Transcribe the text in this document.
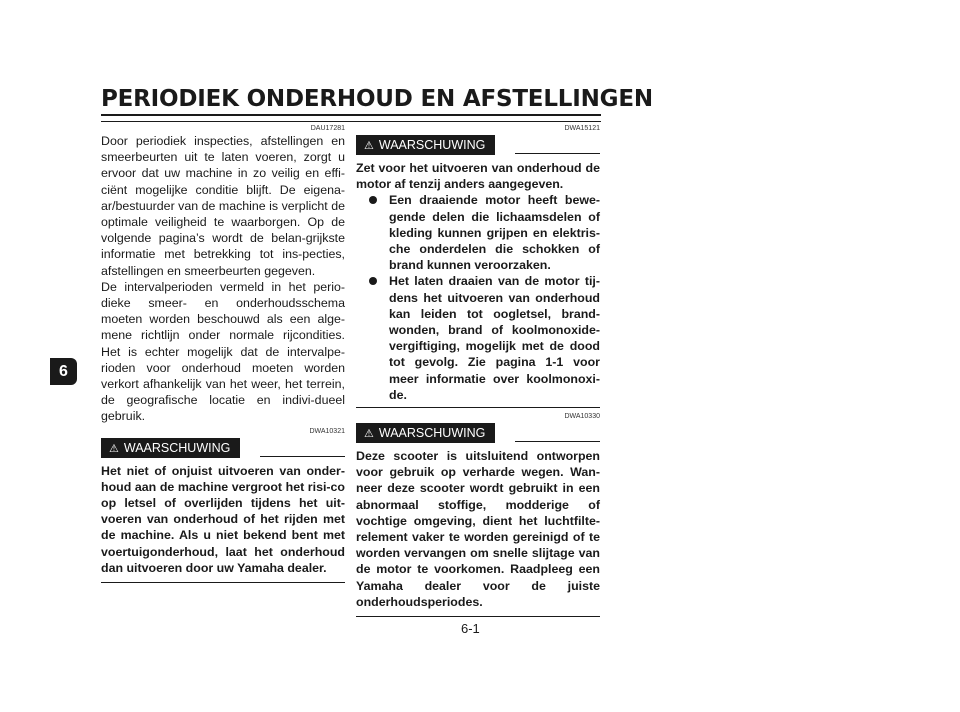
PERIODIEK ONDERHOUD EN AFSTELLINGEN
6
DAU17281
Door periodiek inspecties, afstellingen en smeerbeurten uit te laten voeren, zorgt u ervoor dat uw machine in zo veilig en effi-ciënt mogelijke conditie blijft. De eigena-ar/bestuurder van de machine is verplicht de optimale veiligheid te waarborgen. Op de volgende pagina’s wordt de belan-grijkste informatie met betrekking tot ins-pecties, afstellingen en smeerbeurten gegeven.
De intervalperioden vermeld in het perio-dieke smeer- en onderhoudsschema moeten worden beschouwd als een alge-mene richtlijn onder normale rijcondities. Het is echter mogelijk dat de intervalpe-rioden voor onderhoud moeten worden verkort afhankelijk van het weer, het terrein, de geografische locatie en indivi-dueel gebruik.
DWA10321
⚠ WAARSCHUWING
Het niet of onjuist uitvoeren van onder-houd aan de machine vergroot het risi-co op letsel of overlijden tijdens het uit-voeren van onderhoud of het rijden met de machine. Als u niet bekend bent met voertuigonderhoud, laat het onderhoud dan uitvoeren door uw Yamaha dealer.
DWA15121
⚠ WAARSCHUWING
Zet voor het uitvoeren van onderhoud de motor af tenzij anders aangegeven.
Een draaiende motor heeft bewe-gende delen die lichaamsdelen of kleding kunnen grijpen en elektris-che onderdelen die schokken of brand kunnen veroorzaken.
Het laten draaien van de motor tij-dens het uitvoeren van onderhoud kan leiden tot oogletsel, brand-wonden, brand of koolmonoxide-vergiftiging, mogelijk met de dood tot gevolg. Zie pagina 1-1 voor meer informatie over koolmonoxi-de.
DWA10330
⚠ WAARSCHUWING
Deze scooter is uitsluitend ontworpen voor gebruik op verharde wegen. Wan-neer deze scooter wordt gebruikt in een abnormaal stoffige, modderige of vochtige omgeving, dient het luchtfilte-relement vaker te worden gereinigd of te worden vervangen om snelle slijtage van de motor te voorkomen. Raadpleeg een Yamaha dealer voor de juiste onderhoudsperiodes.
6-1
